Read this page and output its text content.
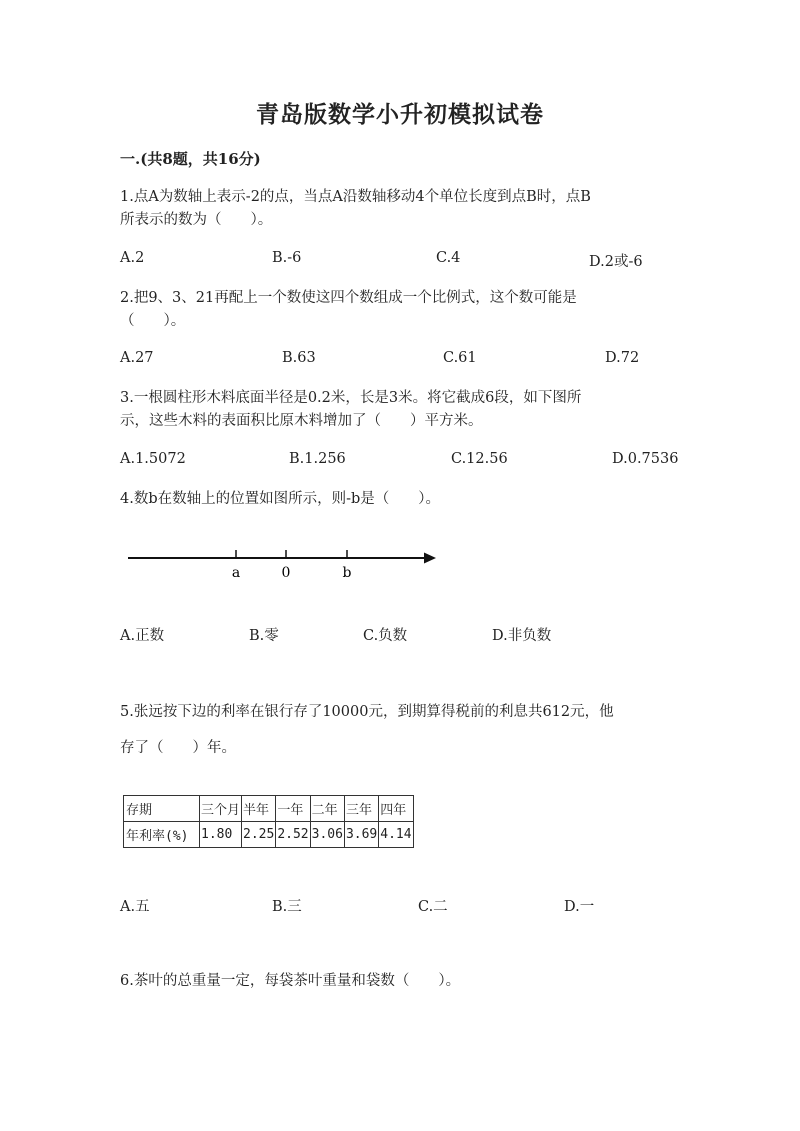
青岛版数学小升初模拟试卷
一.(共8题，共16分)
1.点A为数轴上表示-2的点，当点A沿数轴移动4个单位长度到点B时，点B
所表示的数为（　　）。
A.2	B.-6	C.4	D.2或-6
2.把9、3、21再配上一个数使这四个数组成一个比例式，这个数可能是
（　　）。
A.27	B.63	C.61	D.72
3.一根圆柱形木料底面半径是0.2米，长是3米。将它截成6段，如下图所
示，这些木料的表面积比原木料增加了（　　）平方米。
A.1.5072	B.1.256	C.12.56	D.0.7536
4.数b在数轴上的位置如图所示，则-b是（　　）。
a	0	b
A.正数	B.零	C.负数	D.非负数
5.张远按下边的利率在银行存了10000元，到期算得税前的利息共612元，他
存了（　　）年。
存期	三个月	半年	一年	二年	三年	四年
年利率(%)	1.80	2.25	2.52	3.06	3.69	4.14
A.五	B.三	C.二	D.一
6.茶叶的总重量一定，每袋茶叶重量和袋数（　　）。
